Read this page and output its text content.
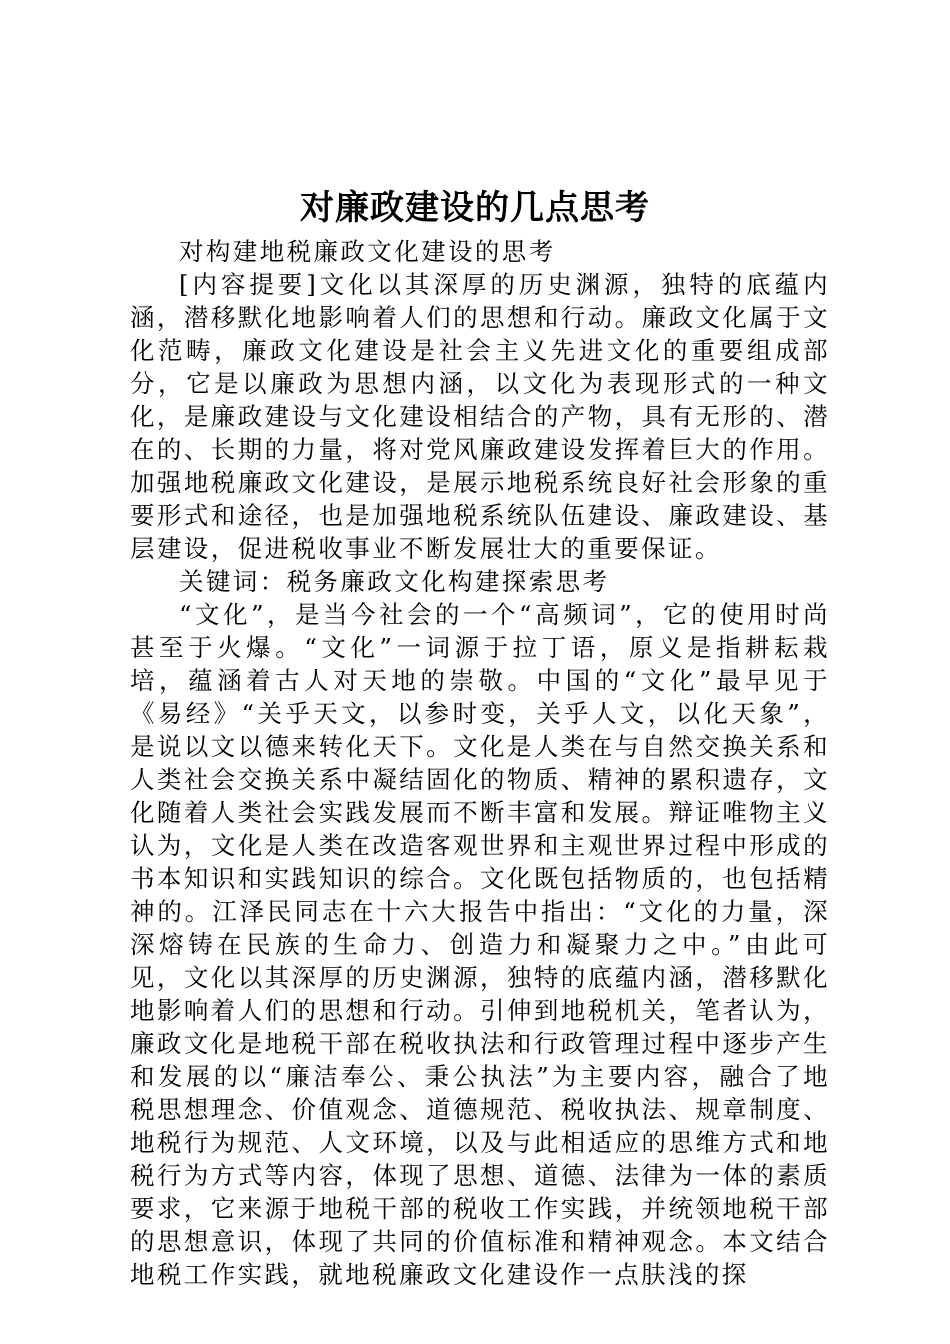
对廉政建设的几点思考

对构建地税廉政文化建设的思考

[内容提要]文化以其深厚的历史渊源，独特的底蕴内涵，潜移默化地影响着人们的思想和行动。廉政文化属于文化范畴，廉政文化建设是社会主义先进文化的重要组成部分，它是以廉政为思想内涵，以文化为表现形式的一种文化，是廉政建设与文化建设相结合的产物，具有无形的、潜在的、长期的力量，将对党风廉政建设发挥着巨大的作用。加强地税廉政文化建设，是展示地税系统良好社会形象的重要形式和途径，也是加强地税系统队伍建设、廉政建设、基层建设，促进税收事业不断发展壮大的重要保证。

关键词：税务廉政文化构建探索思考

“文化”，是当今社会的一个“高频词”，它的使用时尚甚至于火爆。“文化”一词源于拉丁语，原义是指耕耘栽培，蕴涵着古人对天地的崇敬。中国的“文化”最早见于《易经》“关乎天文，以参时变，关乎人文，以化天象”，是说以文以德来转化天下。文化是人类在与自然交换关系和人类社会交换关系中凝结固化的物质、精神的累积遗存，文化随着人类社会实践发展而不断丰富和发展。辩证唯物主义认为，文化是人类在改造客观世界和主观世界过程中形成的书本知识和实践知识的综合。文化既包括物质的，也包括精神的。江泽民同志在十六大报告中指出：“文化的力量，深深熔铸在民族的生命力、创造力和凝聚力之中。”由此可见，文化以其深厚的历史渊源，独特的底蕴内涵，潜移默化地影响着人们的思想和行动。引伸到地税机关，笔者认为，廉政文化是地税干部在税收执法和行政管理过程中逐步产生和发展的以“廉洁奉公、秉公执法”为主要内容，融合了地税思想理念、价值观念、道德规范、税收执法、规章制度、地税行为规范、人文环境，以及与此相适应的思维方式和地税行为方式等内容，体现了思想、道德、法律为一体的素质要求，它来源于地税干部的税收工作实践，并统领地税干部的思想意识，体现了共同的价值标准和精神观念。本文结合地税工作实践，就地税廉政文化建设作一点肤浅的探
